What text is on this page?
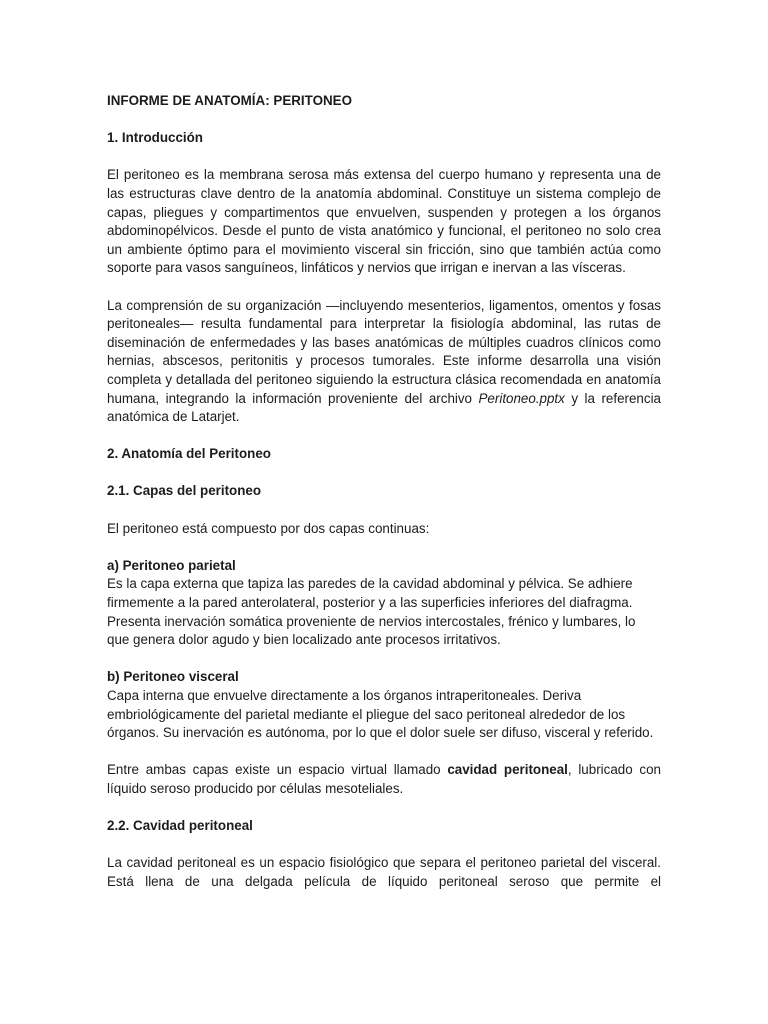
INFORME DE ANATOMÍA: PERITONEO

1. Introducción

El peritoneo es la membrana serosa más extensa del cuerpo humano y representa una de las estructuras clave dentro de la anatomía abdominal. Constituye un sistema complejo de capas, pliegues y compartimentos que envuelven, suspenden y protegen a los órganos abdominopélvicos. Desde el punto de vista anatómico y funcional, el peritoneo no solo crea un ambiente óptimo para el movimiento visceral sin fricción, sino que también actúa como soporte para vasos sanguíneos, linfáticos y nervios que irrigan e inervan a las vísceras.

La comprensión de su organización —incluyendo mesenterios, ligamentos, omentos y fosas peritoneales— resulta fundamental para interpretar la fisiología abdominal, las rutas de diseminación de enfermedades y las bases anatómicas de múltiples cuadros clínicos como hernias, abscesos, peritonitis y procesos tumorales. Este informe desarrolla una visión completa y detallada del peritoneo siguiendo la estructura clásica recomendada en anatomía humana, integrando la información proveniente del archivo Peritoneo.pptx y la referencia anatómica de Latarjet.

2. Anatomía del Peritoneo

2.1. Capas del peritoneo

El peritoneo está compuesto por dos capas continuas:

a) Peritoneo parietal
Es la capa externa que tapiza las paredes de la cavidad abdominal y pélvica. Se adhiere firmemente a la pared anterolateral, posterior y a las superficies inferiores del diafragma. Presenta inervación somática proveniente de nervios intercostales, frénico y lumbares, lo que genera dolor agudo y bien localizado ante procesos irritativos.
b) Peritoneo visceral
Capa interna que envuelve directamente a los órganos intraperitoneales. Deriva embriológicamente del parietal mediante el pliegue del saco peritoneal alrededor de los órganos. Su inervación es autónoma, por lo que el dolor suele ser difuso, visceral y referido.

Entre ambas capas existe un espacio virtual llamado cavidad peritoneal, lubricado con líquido seroso producido por células mesoteliales.

2.2. Cavidad peritoneal

La cavidad peritoneal es un espacio fisiológico que separa el peritoneo parietal del visceral. Está llena de una delgada película de líquido peritoneal seroso que permite el
